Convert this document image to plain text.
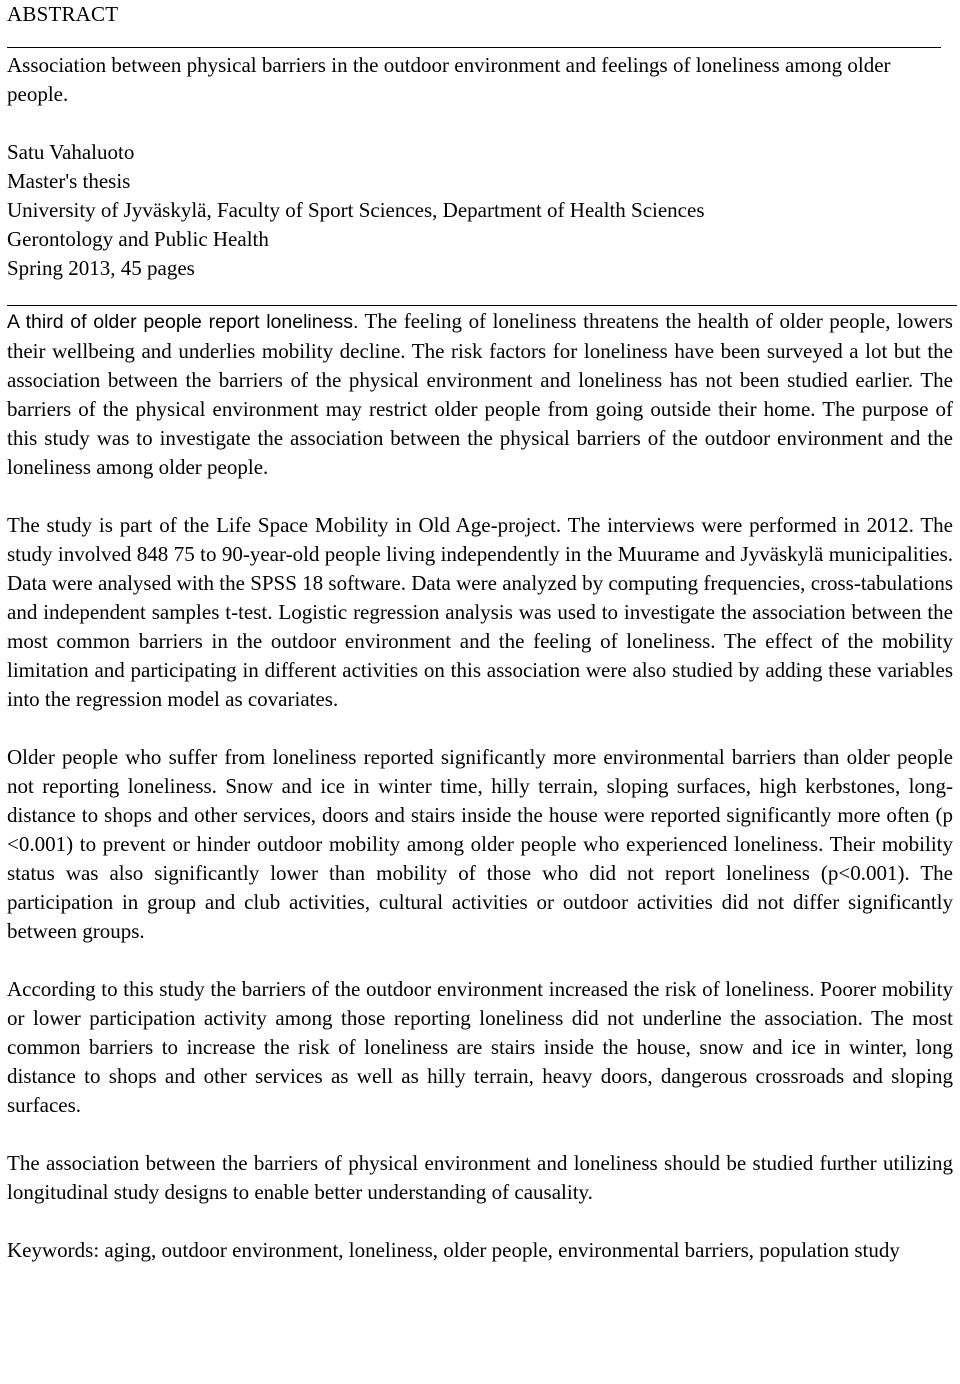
ABSTRACT
Association between physical barriers in the outdoor environment and feelings of loneliness among older people.
Satu Vahaluoto
Master's thesis
University of Jyväskylä, Faculty of Sport Sciences, Department of Health Sciences
Gerontology and Public Health
Spring 2013, 45 pages

A third of older people report loneliness. The feeling of loneliness threatens the health of older people, lowers their wellbeing and underlies mobility decline. The risk factors for loneliness have been surveyed a lot but the association between the barriers of the physical environment and loneliness has not been studied earlier. The barriers of the physical environment may restrict older people from going outside their home. The purpose of this study was to investigate the association between the physical barriers of the outdoor environment and the loneliness among older people.

The study is part of the Life Space Mobility in Old Age-project. The interviews were performed in 2012. The study involved 848 75 to 90-year-old people living independently in the Muurame and Jyväskylä municipalities. Data were analysed with the SPSS 18 software. Data were analyzed by computing frequencies, cross-tabulations and independent samples t-test. Logistic regression analysis was used to investigate the association between the most common barriers in the outdoor environment and the feeling of loneliness. The effect of the mobility limitation and participating in different activities on this association were also studied by adding these variables into the regression model as covariates.

Older people who suffer from loneliness reported significantly more environmental barriers than older people not reporting loneliness. Snow and ice in winter time, hilly terrain, sloping surfaces, high kerbstones, long-distance to shops and other services, doors and stairs inside the house were reported significantly more often (p <0.001) to prevent or hinder outdoor mobility among older people who experienced loneliness. Their mobility status was also significantly lower than mobility of those who did not report loneliness (p<0.001). The participation in group and club activities, cultural activities or outdoor activities did not differ significantly between groups.

According to this study the barriers of the outdoor environment increased the risk of loneliness. Poorer mobility or lower participation activity among those reporting loneliness did not underline the association. The most common barriers to increase the risk of loneliness are stairs inside the house, snow and ice in winter, long distance to shops and other services as well as hilly terrain, heavy doors, dangerous crossroads and sloping surfaces.

The association between the barriers of physical environment and loneliness should be studied further utilizing longitudinal study designs to enable better understanding of causality.

Keywords: aging, outdoor environment, loneliness, older people, environmental barriers, population study
